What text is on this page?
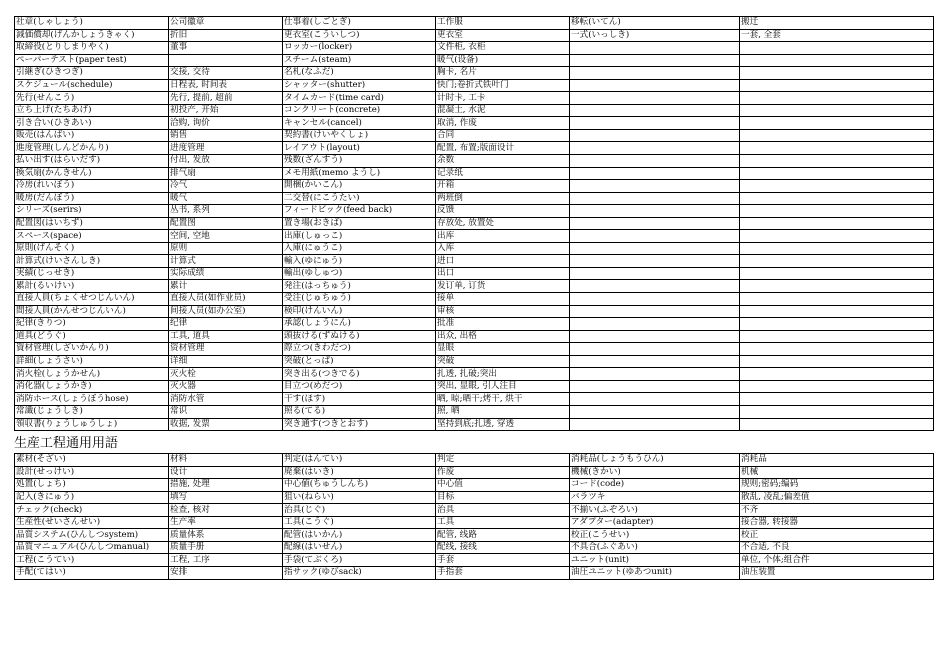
社章(しゃしょう)	公司徽章	仕事着(しごとぎ)	工作服	移転(いてん)	搬迁
減価償却(げんかしょうきゃく)	折旧	更衣室(こういしつ)	更衣室	一式(いっしき)	一套, 全套
取締役(とりしまりやく)	董事	ロッカー(locker)	文件柜, 衣柜		
ペーパーテスト(paper test)		スチーム(steam)	暖气(设备)		
引継ぎ(ひきつぎ)	交接, 交待	名札(なふだ)	胸卡, 名片		
スケジュール(schedule)	日程表, 时间表	シャッター(shutter)	快门;卷折式铁叶门		
先行(せんこう)	先行, 提前, 超前	タイムカード(time card)	计时卡, 工卡		
立ち上げ(たちあげ)	初投产, 开始	コンクリート(concrete)	混凝土, 水泥		
引き合い(ひきあい)	洽购, 询价	キャンセル(cancel)	取消, 作废		
販売(はんばい)	销售	契約書(けいやくしょ)	合同		
進度管理(しんどかんり)	进度管理	レイアウト(layout)	配置, 布置;版面设计		
払い出す(はらいだす)	付出, 发放	残数(ざんすう)	余数		
換気扇(かんきせん)	排气扇	メモ用紙(memo ようし)	记录纸		
冷房(れいぼう)	冷气	開梱(かいこん)	开箱		
暖房(だんぼう)	暖气	二交替(にこうたい)	两班倒		
シリーズ(serirs)	丛书, 系列	フィードビック(feed back)	反馈		
配置図(はいちず)	配置图	置き場(おきば)	存放处, 放置处		
スペース(space)	空间, 空地	出庫(しゅっこ)	出库		
原則(げんそく)	原则	入庫(にゅうこ)	入库		
計算式(けいさんしき)	计算式	輸入(ゆにゅう)	进口		
実績(じっせき)	实际成绩	輸出(ゆしゅつ)	出口		
累計(るいけい)	累计	発注(はっちゅう)	发订单, 订货		
直接人員(ちょくせつじんいん)	直接人员(如作业员)	受注(じゅちゅう)	接单		
間接人員(かんせつじんいん)	间接人员(如办公室)	検印(けんいん)	审核		
紀律(きりつ)	纪律	承認(しょうにん)	批准		
道具(どうぐ)	工具, 道具	頭抜ける(ずぬける)	出众, 出格		
資材管理(しざいかんり)	资材管理	際立つ(きわだつ)	显眼		
詳細(しょうさい)	详细	突破(とっぱ)	突破		
消火栓(しょうかせん)	灭火栓	突き出る(つきでる)	扎透, 扎破;突出		
消化器(しょうかき)	灭火器	目立つ(めだつ)	突出, 显眼, 引人注目		
消防ホース(しょうぼうhose)	消防水管	干す(ほす)	晒, 晾;晒干;烤干, 烘干		
常識(じょうしき)	常识	照る(てる)	照, 晒		
領収書(りょうしゅうしょ)	收据, 发票	突き通す(つきとおす)	坚持到底;扎透, 穿透		
生産工程通用用語
素材(そざい)	材料	判定(はんてい)	判定	消耗品(しょうもうひん)	消耗品
設計(せっけい)	设计	廃棄(はいき)	作废	機械(きかい)	机械
処置(しょち)	措施, 处理	中心値(ちゅうしんち)	中心值	コード(code)	规则;密码;编码
記入(きにゅう)	填写	狙い(ねらい)	目标	バラツキ	散乱, 凌乱;偏差值
チェック(check)	检查, 核对	治具(じぐ)	治具	不揃い(ふぞろい)	不齐
生産性(せいさんせい)	生产率	工具(こうぐ)	工具	アダプター(adapter)	接合器, 转接器
品質システム(ひんしつsystem)	质量体系	配管(はいかん)	配管, 线路	校正(こうせい)	校正
品質マニュアル(ひんしつmanual)	质量手册	配線(はいせん)	配线, 接线	不具合(ふぐあい)	不合适, 不良
工程(こうてい)	工程, 工序	手袋(てぶくろ)	手套	ユニット(unit)	单位, 个体;组合件
手配(てはい)	安排	指サック(ゆびsack)	手指套	油圧ユニット(ゆあつunit)	油压装置
